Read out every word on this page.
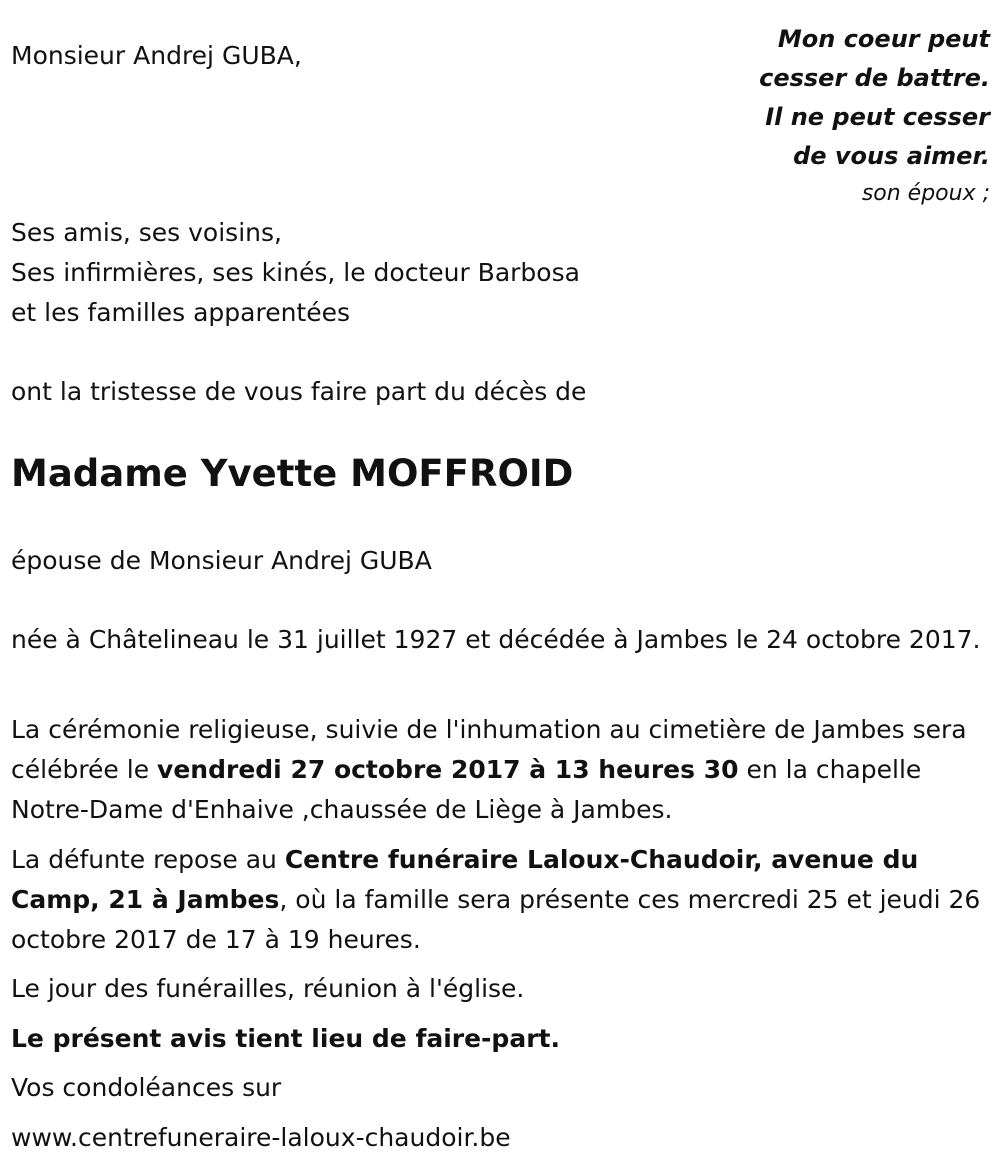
Monsieur Andrej GUBA,
Mon coeur peut
cesser de battre.
Il ne peut cesser
de vous aimer.
son époux ;
Ses amis, ses voisins,
Ses infirmières, ses kinés, le docteur Barbosa
et les familles apparentées
ont la tristesse de vous faire part du décès de
Madame Yvette MOFFROID
épouse de Monsieur Andrej GUBA
née à Châtelineau le 31 juillet 1927 et décédée à Jambes le 24 octobre 2017.
La cérémonie religieuse, suivie de l'inhumation au cimetière de Jambes sera célébrée le vendredi 27 octobre 2017 à 13 heures 30 en la chapelle Notre-Dame d'Enhaive ,chaussée de Liège à Jambes.
La défunte repose au Centre funéraire Laloux-Chaudoir, avenue du Camp, 21 à Jambes, où la famille sera présente ces mercredi 25 et jeudi 26 octobre 2017 de 17 à 19 heures.
Le jour des funérailles, réunion à l'église.
Le présent avis tient lieu de faire-part.
Vos condoléances sur
www.centrefuneraire-laloux-chaudoir.be
